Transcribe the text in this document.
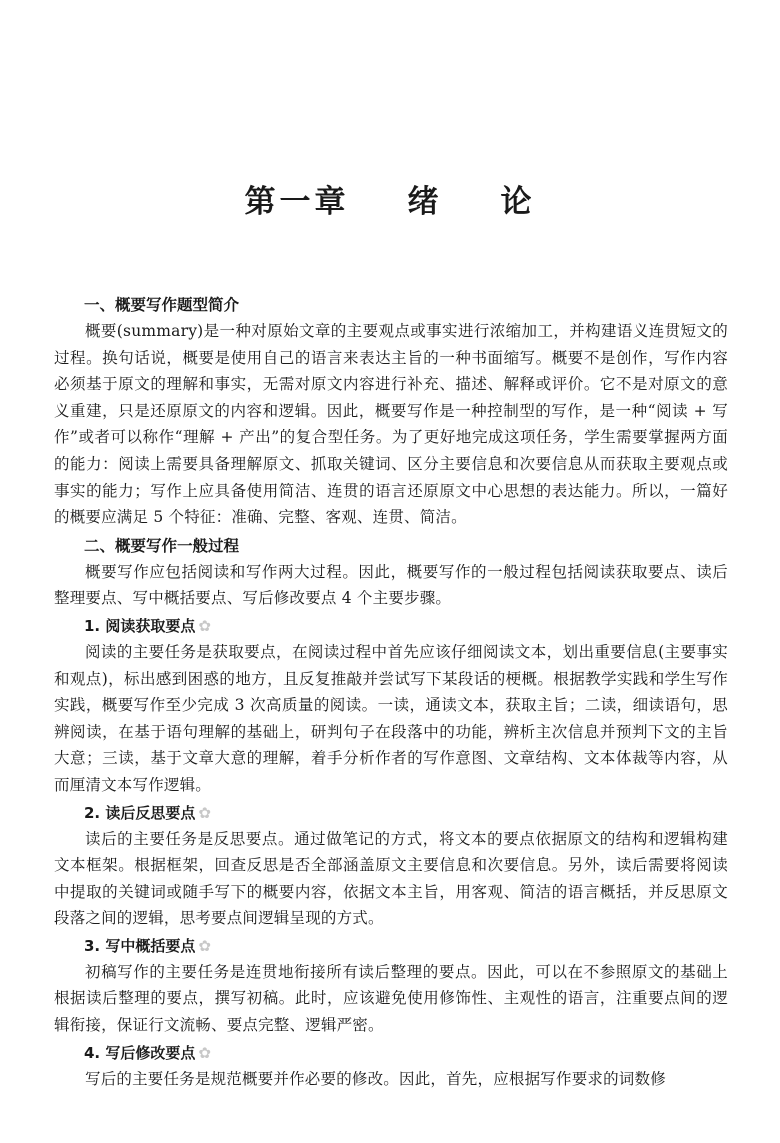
第一章 绪 论
一、概要写作题型简介

概要(summary)是一种对原始文章的主要观点或事实进行浓缩加工，并构建语义连贯短文的过程。换句话说，概要是使用自己的语言来表达主旨的一种书面缩写。概要不是创作，写作内容必须基于原文的理解和事实，无需对原文内容进行补充、描述、解释或评价。它不是对原文的意义重建，只是还原原文的内容和逻辑。因此，概要写作是一种控制型的写作，是一种“阅读 + 写作”或者可以称作“理解 + 产出”的复合型任务。为了更好地完成这项任务，学生需要掌握两方面的能力：阅读上需要具备理解原文、抓取关键词、区分主要信息和次要信息从而获取主要观点或事实的能力；写作上应具备使用简洁、连贯的语言还原原文中心思想的表达能力。所以，一篇好的概要应满足 5 个特征：准确、完整、客观、连贯、简洁。

二、概要写作一般过程

概要写作应包括阅读和写作两大过程。因此，概要写作的一般过程包括阅读获取要点、读后整理要点、写中概括要点、写后修改要点 4 个主要步骤。

1. 阅读获取要点 ✿

阅读的主要任务是获取要点，在阅读过程中首先应该仔细阅读文本，划出重要信息(主要事实和观点)，标出感到困惑的地方，且反复推敲并尝试写下某段话的梗概。根据教学实践和学生写作实践，概要写作至少完成 3 次高质量的阅读。一读，通读文本，获取主旨；二读，细读语句，思辨阅读，在基于语句理解的基础上，研判句子在段落中的功能，辨析主次信息并预判下文的主旨大意；三读，基于文章大意的理解，着手分析作者的写作意图、文章结构、文本体裁等内容，从而厘清文本写作逻辑。

2. 读后反思要点 ✿

读后的主要任务是反思要点。通过做笔记的方式，将文本的要点依据原文的结构和逻辑构建文本框架。根据框架，回查反思是否全部涵盖原文主要信息和次要信息。另外，读后需要将阅读中提取的关键词或随手写下的概要内容，依据文本主旨，用客观、简洁的语言概括，并反思原文段落之间的逻辑，思考要点间逻辑呈现的方式。

3. 写中概括要点 ✿

初稿写作的主要任务是连贯地衔接所有读后整理的要点。因此，可以在不参照原文的基础上根据读后整理的要点，撰写初稿。此时，应该避免使用修饰性、主观性的语言，注重要点间的逻辑衔接，保证行文流畅、要点完整、逻辑严密。

4. 写后修改要点 ✿

写后的主要任务是规范概要并作必要的修改。因此，首先，应根据写作要求的词数修
